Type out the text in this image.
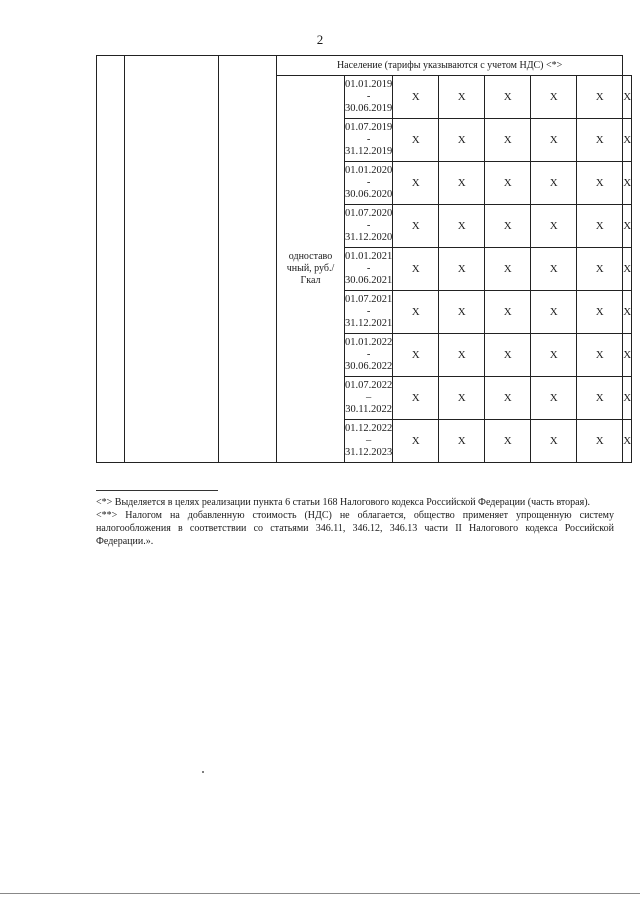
2
			Население (тарифы указываются с учетом НДС) <*>							
			одноставо чный, руб./Гкал	01.01.2019
-
30.06.2019	X	X	X	X	X	X

				01.07.2019
-
31.12.2019	X	X	X	X	X	X

				01.01.2020
-
30.06.2020	X	X	X	X	X	X

				01.07.2020
-
31.12.2020	X	X	X	X	X	X

				01.01.2021
-
30.06.2021	X	X	X	X	X	X

				01.07.2021
-
31.12.2021	X	X	X	X	X	X

				01.01.2022
-
30.06.2022	X	X	X	X	X	X

				01.07.2022
–
30.11.2022	X	X	X	X	X	X

				01.12.2022
–
31.12.2023	X	X	X	X	X	X

<*> Выделяется в целях реализации пункта 6 статьи 168 Налогового кодекса Российской Федерации (часть вторая).

<**> Налогом на добавленную стоимость (НДС) не облагается, общество применяет упрощенную систему налогообложения в соответствии со статьями 346.11, 346.12, 346.13 части II Налогового кодекса Российской Федерации.».
